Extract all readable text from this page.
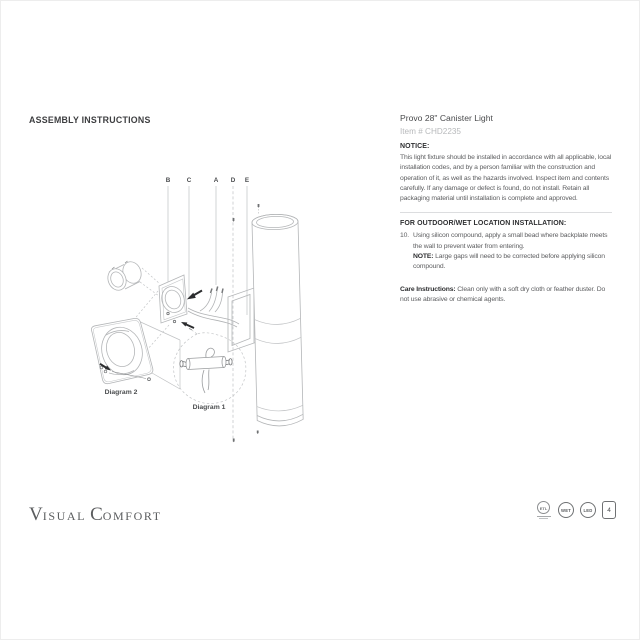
ASSEMBLY INSTRUCTIONS	Provo 28" Canister Light
Item # CHD2235
NOTICE:
This light fixture should be installed in accordance with all applicable, local installation codes, and by a person familiar with the construction and operation of it, as well as the hazards involved. Inspect item and contents carefully. If any damage or defect is found, do not install. Retain all packaging material until installation is complete and approved.
FOR OUTDOOR/WET LOCATION INSTALLATION:
10. Using silicon compound, apply a small bead where backplate meets the wall to prevent water from entering.
NOTE: Large gaps will need to be corrected before applying silicon compound.
Care Instructions: Clean only with a soft dry cloth or feather duster. Do not use abrasive or chemical agents.
B	C	A D E
Diagram 2
Diagram 1
VISUAL COMFORT
ETL	WET	LED	4
